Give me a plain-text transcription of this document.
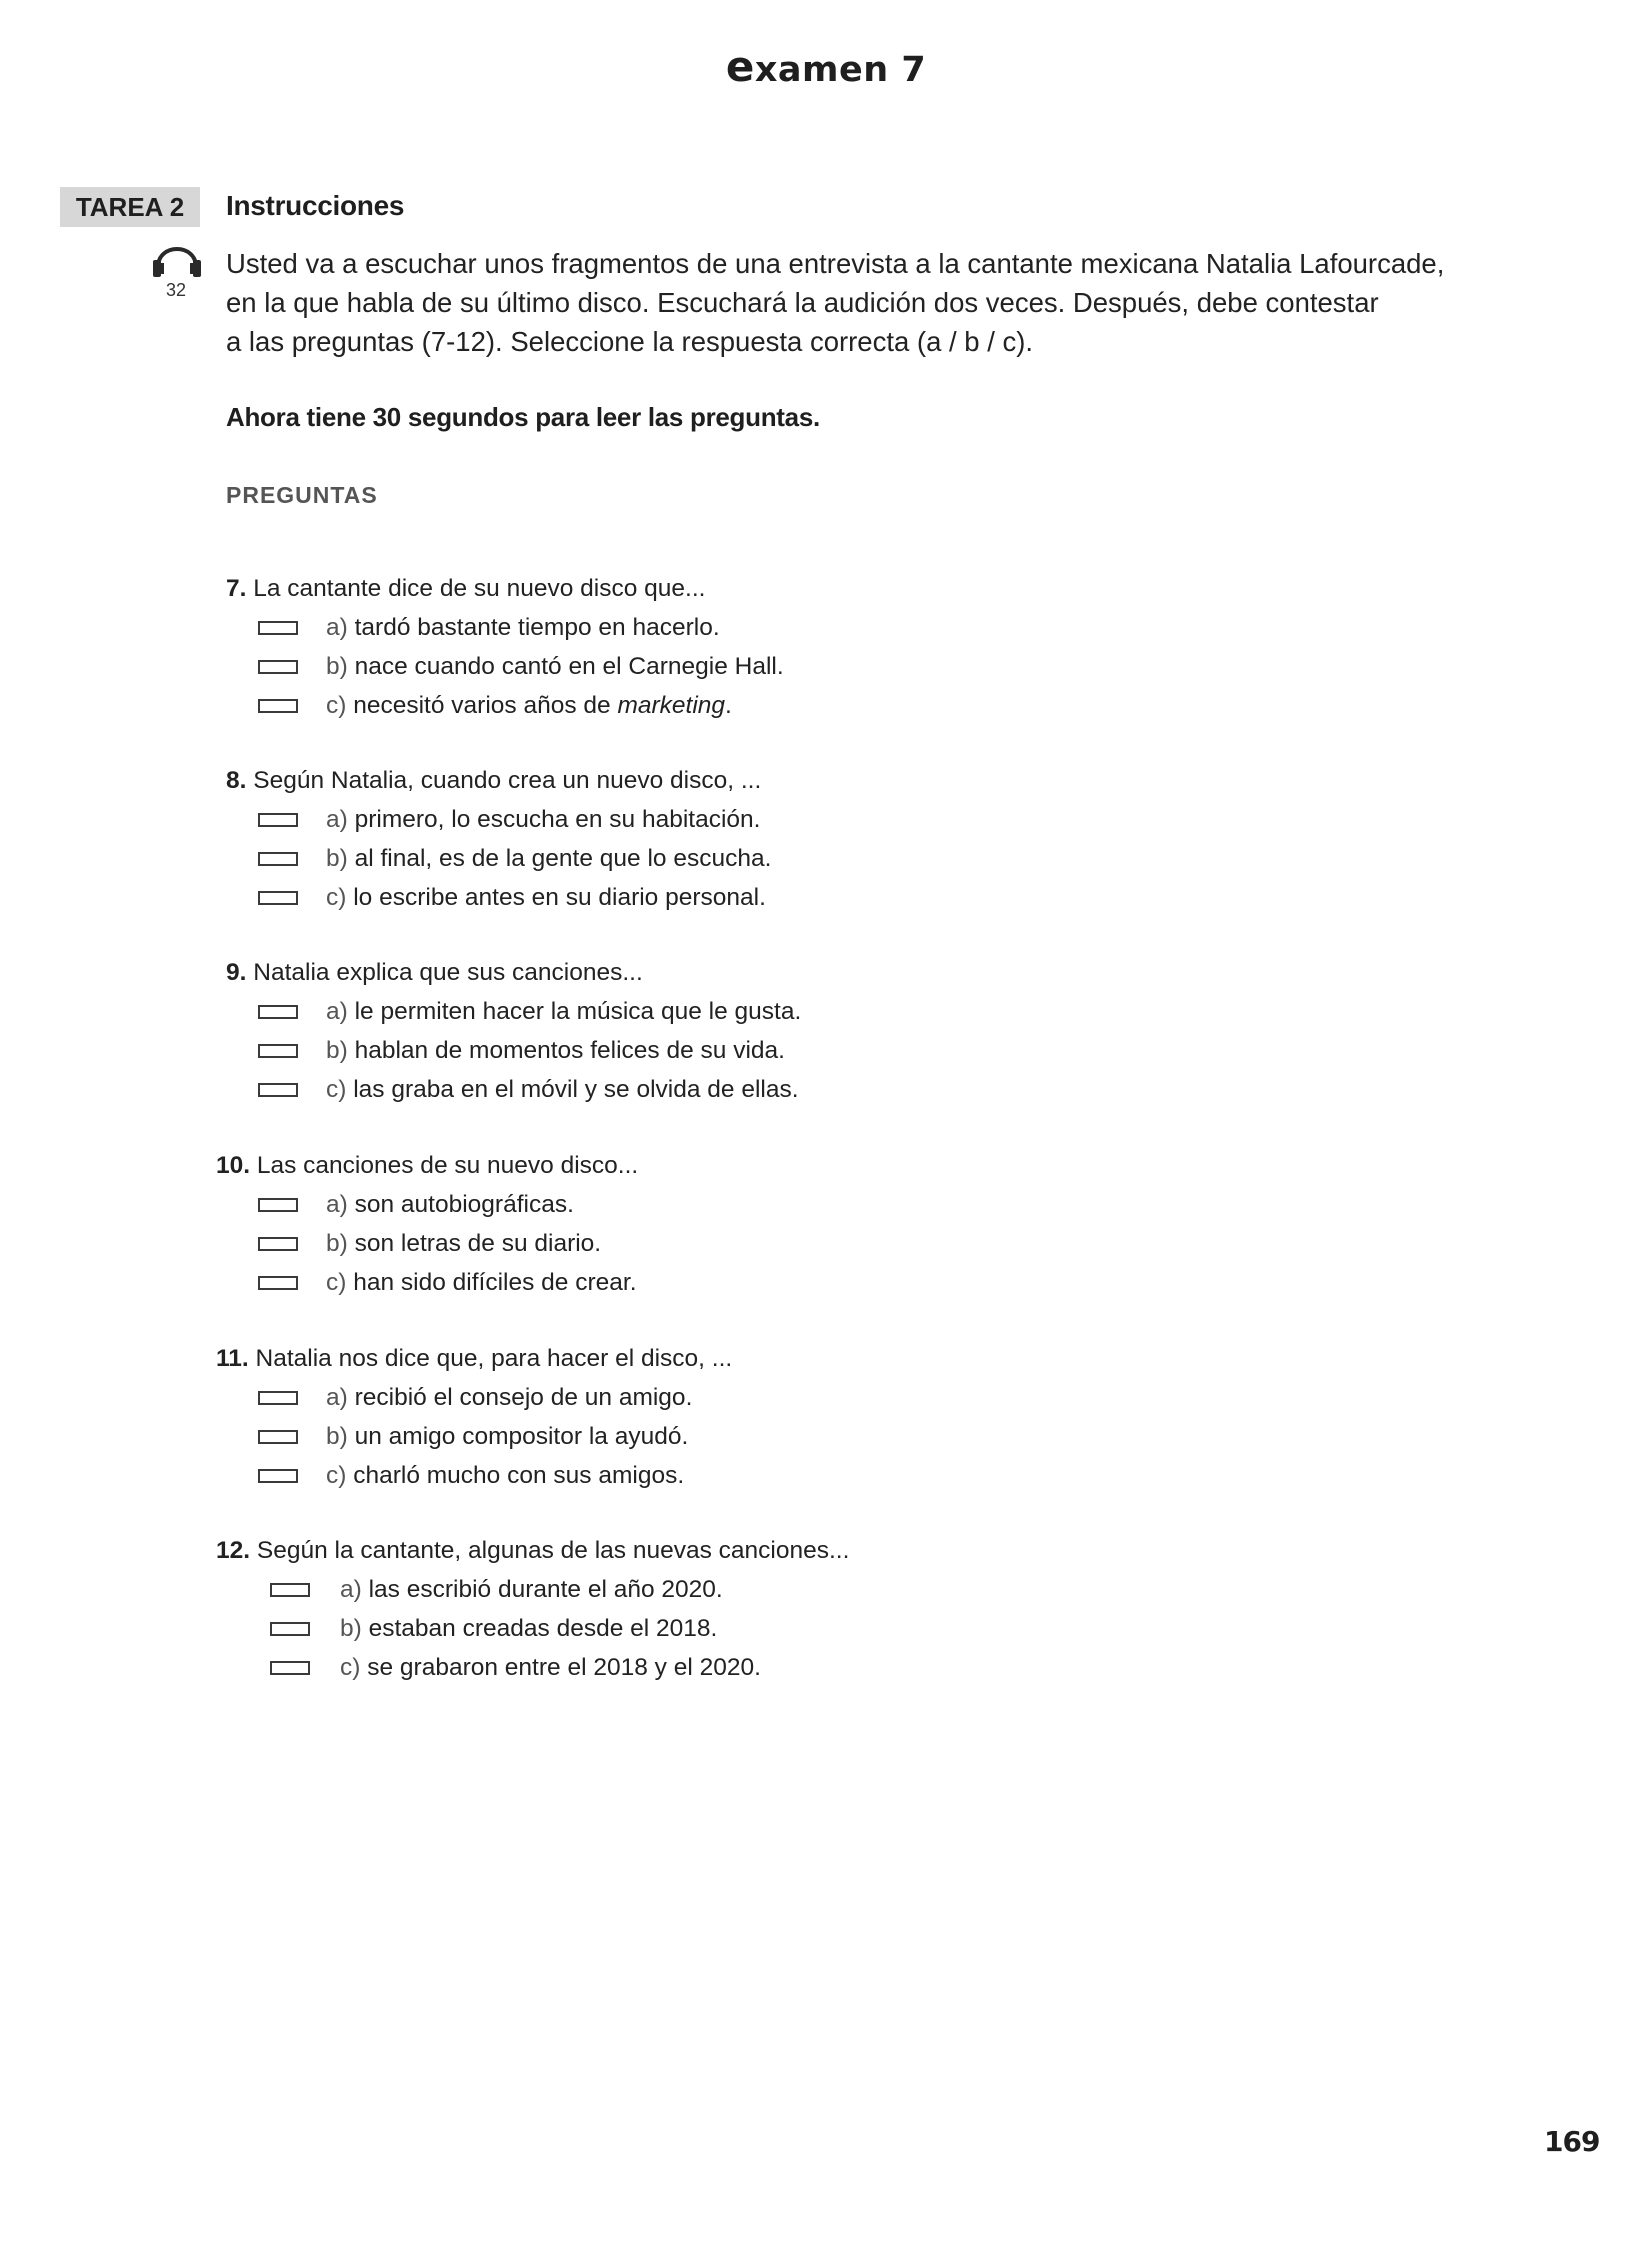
examen 7
TAREA 2	Instrucciones
32

Usted va a escuchar unos fragmentos de una entrevista a la cantante mexicana Natalia Lafourcade,

en la que habla de su último disco. Escuchará la audición dos veces. Después, debe contestar

a las preguntas (7-12). Seleccione la respuesta correcta (a / b / c).

Ahora tiene 30 segundos para leer las preguntas.
PREGUNTAS
7. La cantante dice de su nuevo disco que...
a) tardó bastante tiempo en hacerlo.
b) nace cuando cantó en el Carnegie Hall.
c) necesitó varios años de marketing.
8. Según Natalia, cuando crea un nuevo disco, ...
a) primero, lo escucha en su habitación.
b) al final, es de la gente que lo escucha.
c) lo escribe antes en su diario personal.
9. Natalia explica que sus canciones...
a) le permiten hacer la música que le gusta.
b) hablan de momentos felices de su vida.
c) las graba en el móvil y se olvida de ellas.
10. Las canciones de su nuevo disco...
a) son autobiográficas.
b) son letras de su diario.
c) han sido difíciles de crear.
11. Natalia nos dice que, para hacer el disco, ...
a) recibió el consejo de un amigo.
b) un amigo compositor la ayudó.
c) charló mucho con sus amigos.
12. Según la cantante, algunas de las nuevas canciones...
a) las escribió durante el año 2020.
b) estaban creadas desde el 2018.
c) se grabaron entre el 2018 y el 2020.
169
